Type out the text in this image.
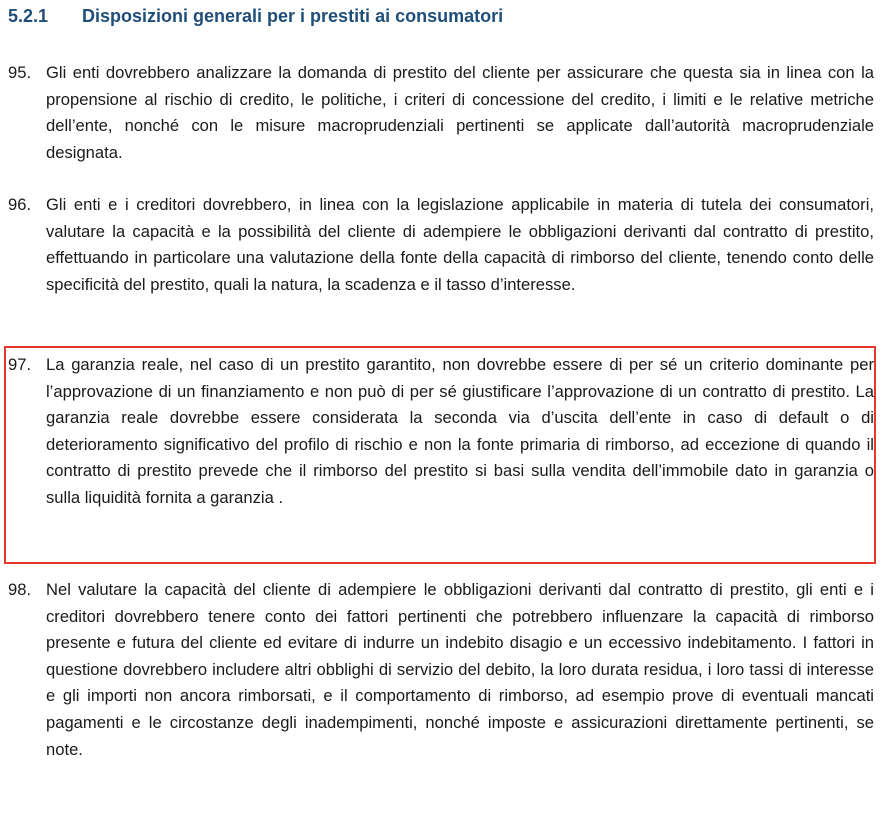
5.2.1 Disposizioni generali per i prestiti ai consumatori
95. Gli enti dovrebbero analizzare la domanda di prestito del cliente per assicurare che questa sia in linea con la propensione al rischio di credito, le politiche, i criteri di concessione del credito, i limiti e le relative metriche dell’ente, nonché con le misure macroprudenziali pertinenti se applicate dall’autorità macroprudenziale designata.
96. Gli enti e i creditori dovrebbero, in linea con la legislazione applicabile in materia di tutela dei consumatori, valutare la capacità e la possibilità del cliente di adempiere le obbligazioni derivanti dal contratto di prestito, effettuando in particolare una valutazione della fonte della capacità di rimborso del cliente, tenendo conto delle specificità del prestito, quali la natura, la scadenza e il tasso d’interesse.
97. La garanzia reale, nel caso di un prestito garantito, non dovrebbe essere di per sé un criterio dominante per l’approvazione di un finanziamento e non può di per sé giustificare l’approvazione di un contratto di prestito. La garanzia reale dovrebbe essere considerata la seconda via d’uscita dell’ente in caso di default o di deterioramento significativo del profilo di rischio e non la fonte primaria di rimborso, ad eccezione di quando il contratto di prestito prevede che il rimborso del prestito si basi sulla vendita dell’immobile dato in garanzia o sulla liquidità fornita a garanzia .
98. Nel valutare la capacità del cliente di adempiere le obbligazioni derivanti dal contratto di prestito, gli enti e i creditori dovrebbero tenere conto dei fattori pertinenti che potrebbero influenzare la capacità di rimborso presente e futura del cliente ed evitare di indurre un indebito disagio e un eccessivo indebitamento. I fattori in questione dovrebbero includere altri obblighi di servizio del debito, la loro durata residua, i loro tassi di interesse e gli importi non ancora rimborsati, e il comportamento di rimborso, ad esempio prove di eventuali mancati pagamenti e le circostanze degli inadempimenti, nonché imposte e assicurazioni direttamente pertinenti, se note.
